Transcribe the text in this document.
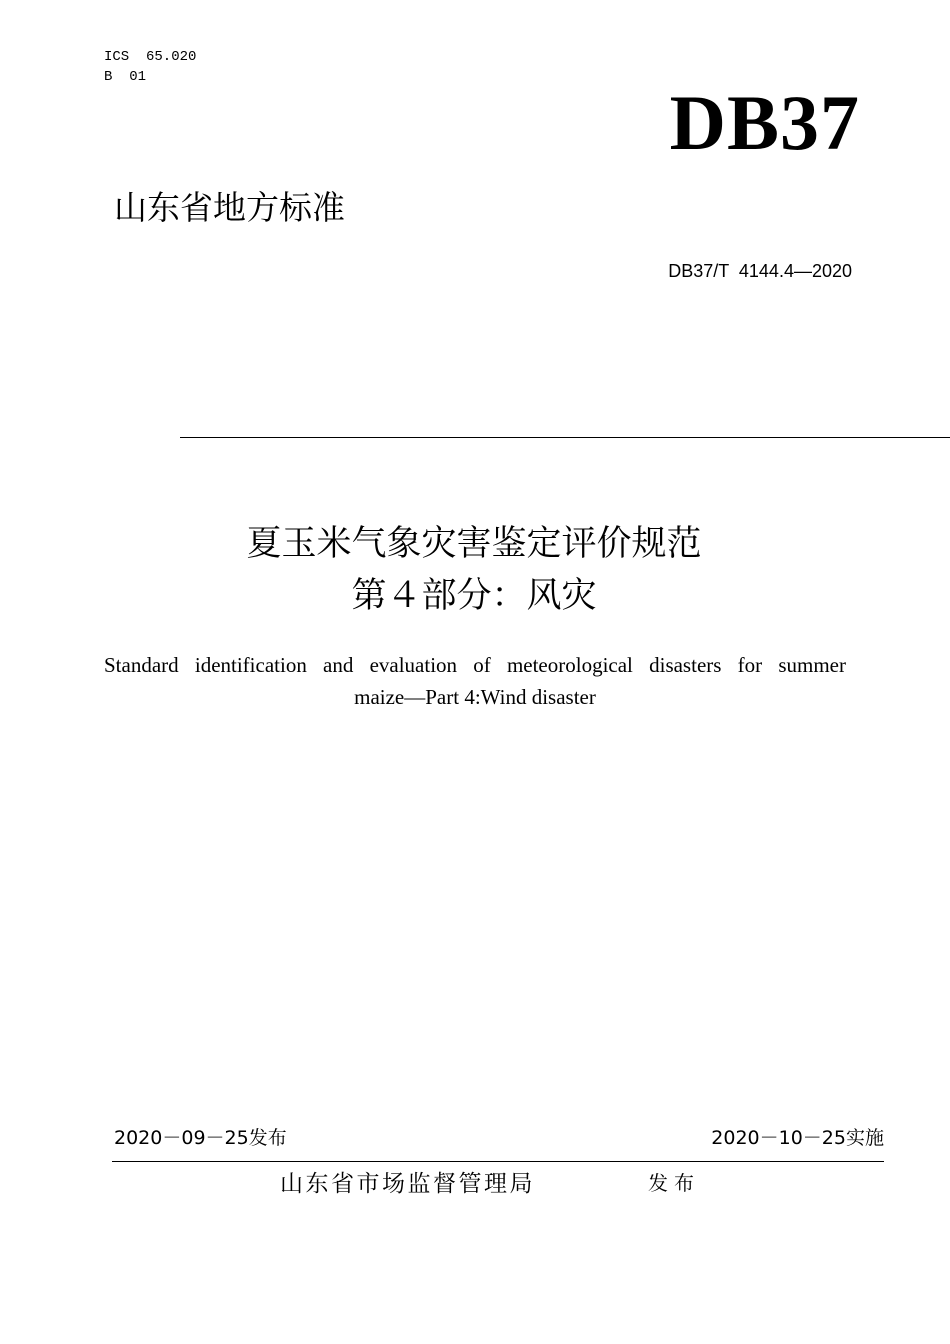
ICS  65.020
B  01
DB37
山东省地方标准
DB37/T  4144.4—2020
夏玉米气象灾害鉴定评价规范
第４部分：风灾
Standard identification and evaluation of meteorological disasters for summer
maize—Part 4:Wind disaster
2020－09－25发布	2020－10－25实施
山东省市场监督管理局	发布
